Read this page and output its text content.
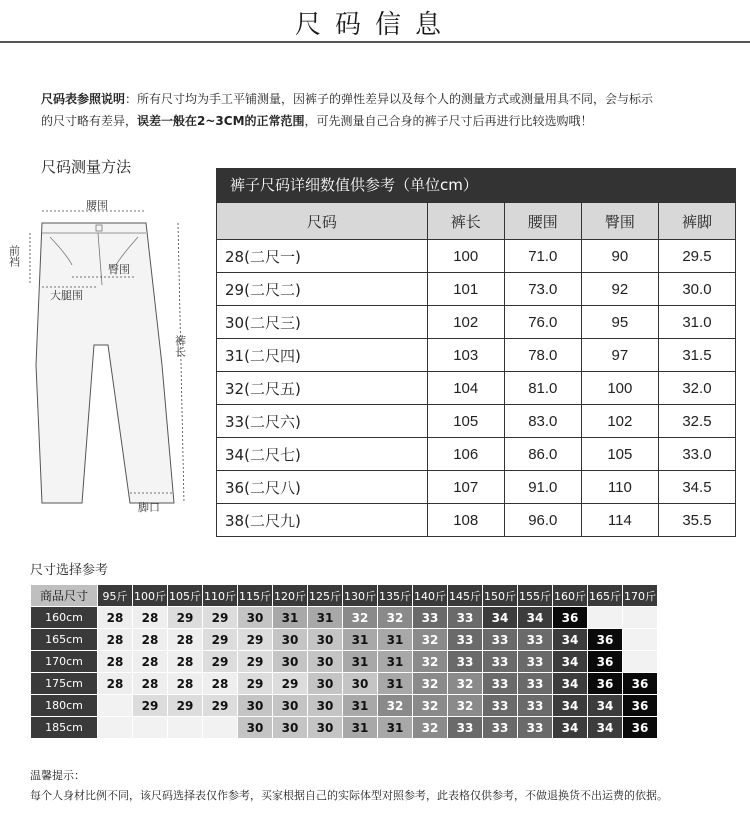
尺码信息
尺码表参照说明：所有尺寸均为手工平铺测量，因裤子的弹性差异以及每个人的测量方式或测量用具不同，会与标示
的尺寸略有差异，误差一般在2~3CM的正常范围，可先测量自己合身的裤子尺寸后再进行比较选购哦！
尺码测量方法
腰围
前裆
臀围
大腿围
裤长
脚口
裤子尺码详细数值供参考（单位cm）
尺码	裤长	腰围	臀围	裤脚
28(二尺一)	100	71.0	90	29.5
29(二尺二)	101	73.0	92	30.0
30(二尺三)	102	76.0	95	31.0
31(二尺四)	103	78.0	97	31.5
32(二尺五)	104	81.0	100	32.0
33(二尺六)	105	83.0	102	32.5
34(二尺七)	106	86.0	105	33.0
36(二尺八)	107	91.0	110	34.5
38(二尺九)	108	96.0	114	35.5
尺寸选择参考
商品尺寸	95斤	100斤	105斤	110斤	115斤	120斤	125斤	130斤	135斤	140斤	145斤	150斤	155斤	160斤	165斤	170斤
160cm	28	28	29	29	30	31	31	32	32	33	33	34	34	36		
165cm	28	28	28	29	29	30	30	31	31	32	33	33	33	34	36	
170cm	28	28	28	29	29	30	30	31	31	32	33	33	33	34	36	
175cm	28	28	28	28	29	29	30	30	31	32	32	33	33	34	36	36
180cm		29	29	29	30	30	30	31	32	32	32	33	33	34	34	36
185cm					30	30	30	31	31	32	33	33	33	34	34	36
温馨提示：
每个人身材比例不同，该尺码选择表仅作参考，买家根据自己的实际体型对照参考，此表格仅供参考，不做退换货不出运费的依据。
